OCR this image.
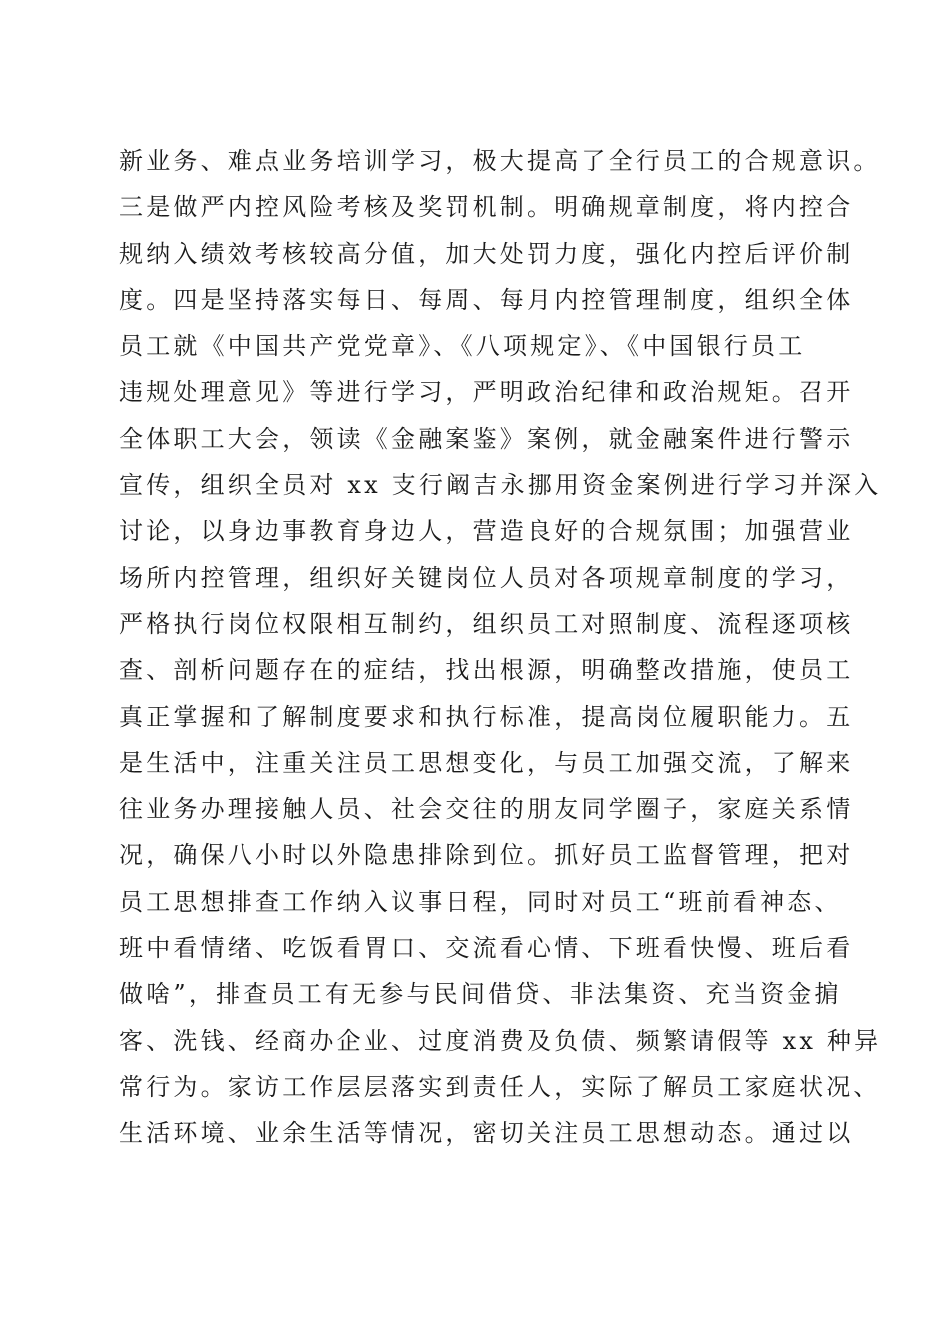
新业务、难点业务培训学习，极大提高了全行员工的合规意识。
三是做严内控风险考核及奖罚机制。明确规章制度，将内控合
规纳入绩效考核较高分值，加大处罚力度，强化内控后评价制
度。四是坚持落实每日、每周、每月内控管理制度，组织全体
员工就《中国共产党党章》、《八项规定》、《中国银行员工
违规处理意见》等进行学习，严明政治纪律和政治规矩。召开
全体职工大会，领读《金融案鉴》案例，就金融案件进行警示
宣传，组织全员对 xx 支行阚吉永挪用资金案例进行学习并深入
讨论，以身边事教育身边人，营造良好的合规氛围；加强营业
场所内控管理，组织好关键岗位人员对各项规章制度的学习，
严格执行岗位权限相互制约，组织员工对照制度、流程逐项核
查、剖析问题存在的症结，找出根源，明确整改措施，使员工
真正掌握和了解制度要求和执行标准，提高岗位履职能力。五
是生活中，注重关注员工思想变化，与员工加强交流，了解来
往业务办理接触人员、社会交往的朋友同学圈子，家庭关系情
况，确保八小时以外隐患排除到位。抓好员工监督管理，把对
员工思想排查工作纳入议事日程，同时对员工“班前看神态、
班中看情绪、吃饭看胃口、交流看心情、下班看快慢、班后看
做啥”，排查员工有无参与民间借贷、非法集资、充当资金掮
客、洗钱、经商办企业、过度消费及负债、频繁请假等 xx 种异
常行为。家访工作层层落实到责任人，实际了解员工家庭状况、
生活环境、业余生活等情况，密切关注员工思想动态。通过以
